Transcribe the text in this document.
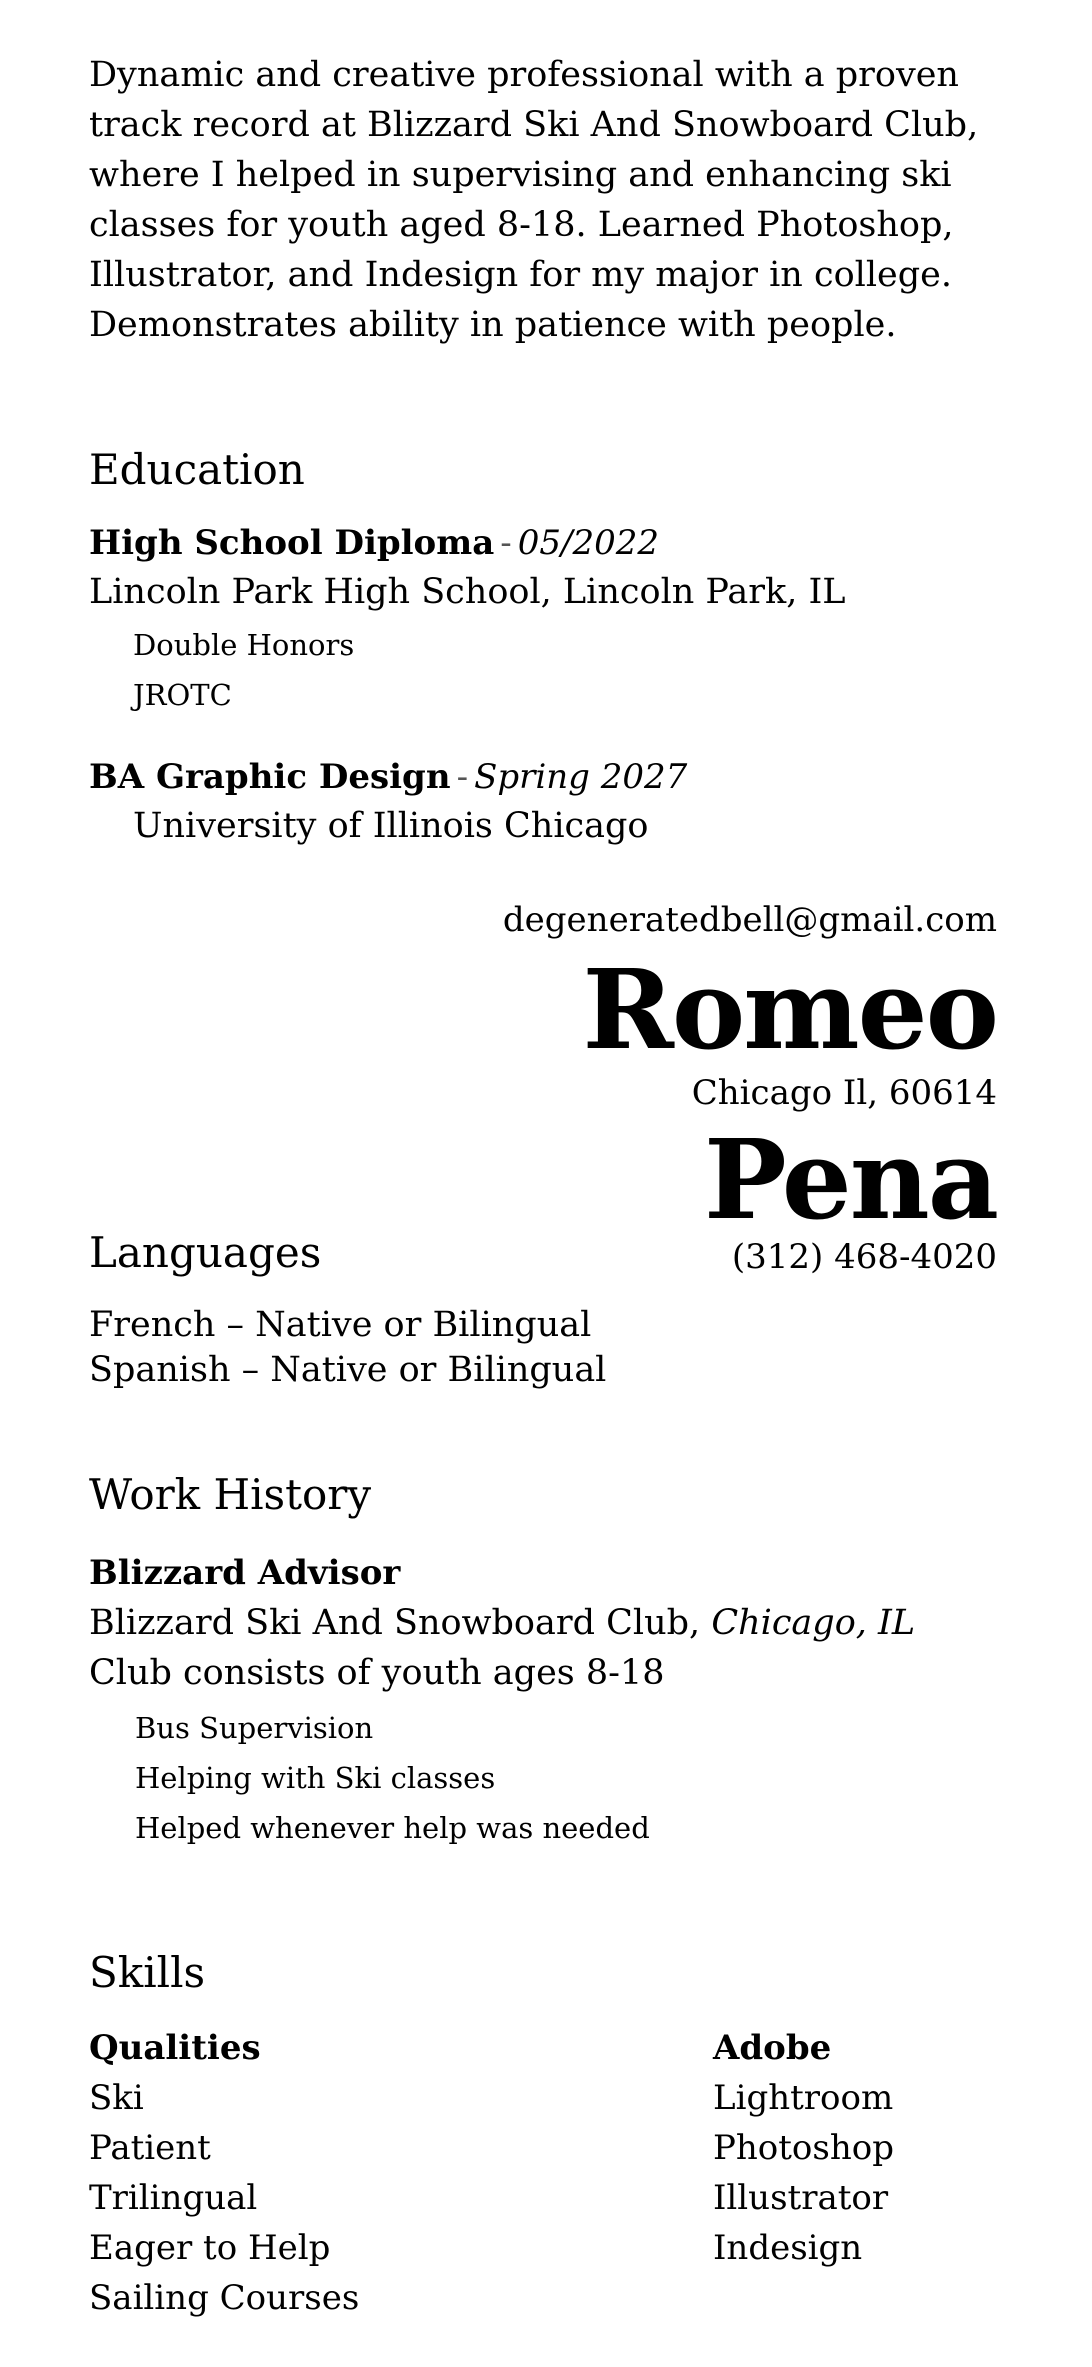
Dynamic and creative professional with a proven
track record at Blizzard Ski And Snowboard Club,
where I helped in supervising and enhancing ski
classes for youth aged 8-18. Learned Photoshop,
Illustrator, and Indesign for my major in college.
Demonstrates ability in patience with people.
Education
High School Diploma - 05/2022
Lincoln Park High School, Lincoln Park, IL
Double Honors
JROTC
BA Graphic Design - Spring 2027
University of Illinois Chicago
degeneratedbell@gmail.com
Romeo
Chicago Il, 60614
Pena
(312) 468-4020
Languages
French – Native or Bilingual
Spanish – Native or Bilingual
Work History
Blizzard Advisor
Blizzard Ski And Snowboard Club, Chicago, IL
Club consists of youth ages 8-18
Bus Supervision
Helping with Ski classes
Helped whenever help was needed
Skills
Qualities
Ski
Patient
Trilingual
Eager to Help
Sailing Courses
Adobe
Lightroom
Photoshop
Illustrator
Indesign
